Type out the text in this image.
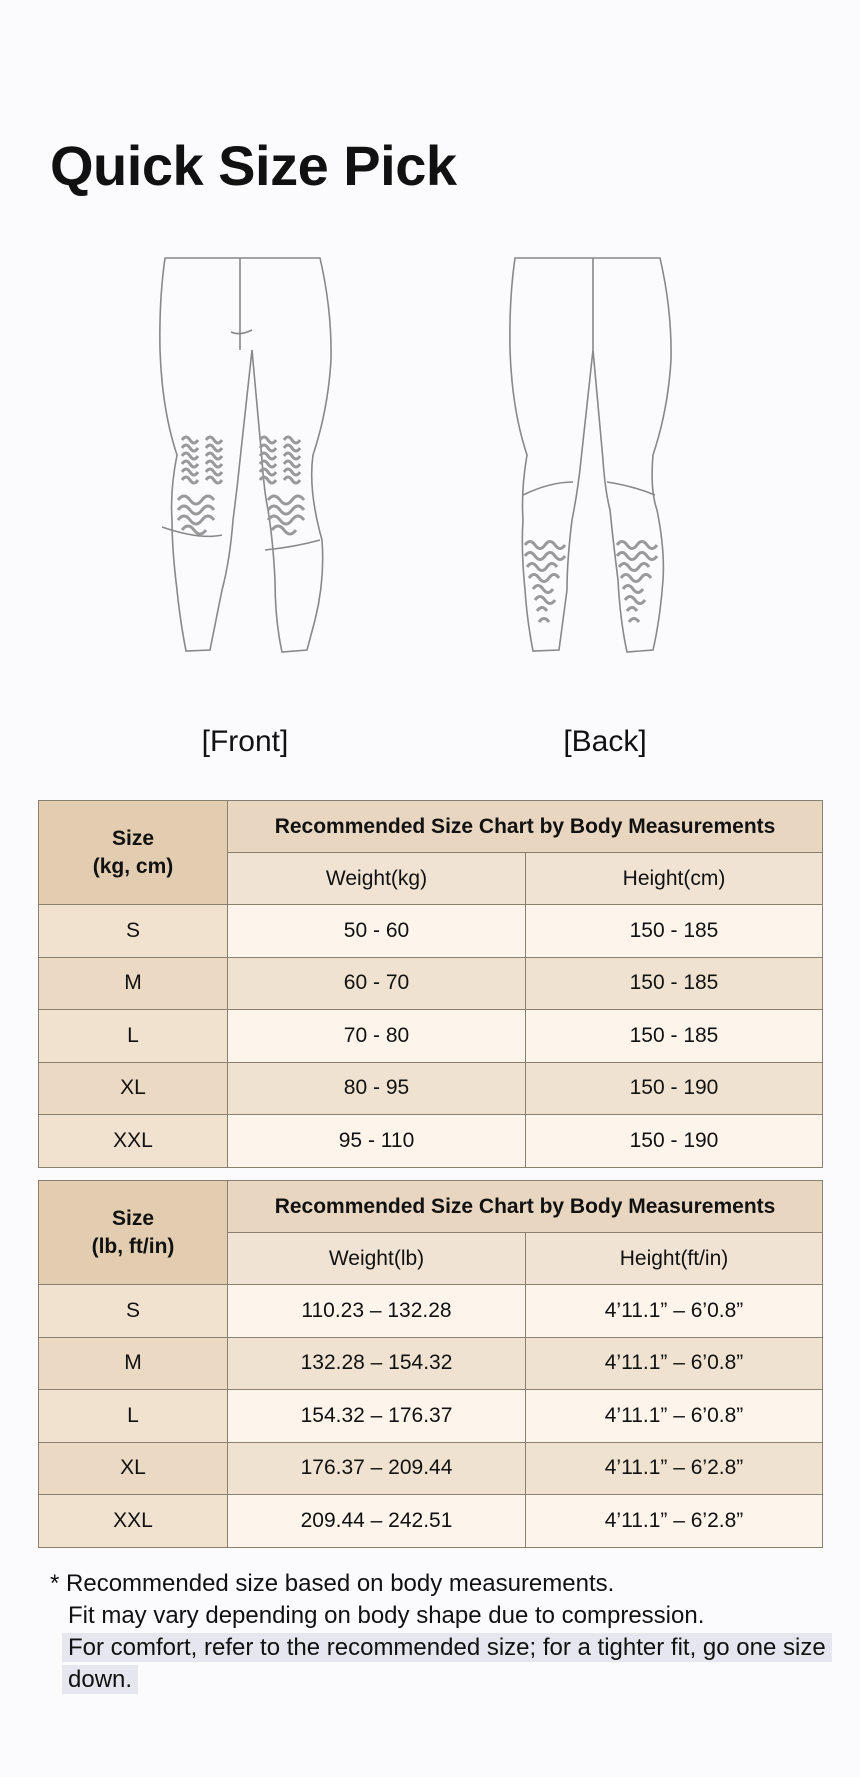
Quick Size Pick
[Front]	[Back]
Size
(kg, cm)	Recommended Size Chart by Body Measurements	
	Weight(kg)	Height(cm)
S	50 - 60	150 - 185
M	60 - 70	150 - 185
L	70 - 80	150 - 185
XL	80 - 95	150 - 190
XXL	95 - 110	150 - 190
Size
(lb, ft/in)	Recommended Size Chart by Body Measurements	
	Weight(lb)	Height(ft/in)
S	110.23 – 132.28	4’11.1” – 6’0.8”
M	132.28 – 154.32	4’11.1” – 6’0.8”
L	154.32 – 176.37	4’11.1” – 6’0.8”
XL	176.37 – 209.44	4’11.1” – 6’2.8”
XXL	209.44 – 242.51	4’11.1” – 6’2.8”
* Recommended size based on body measurements.
Fit may vary depending on body shape due to compression.
For comfort, refer to the recommended size; for a tighter fit, go one size down.
